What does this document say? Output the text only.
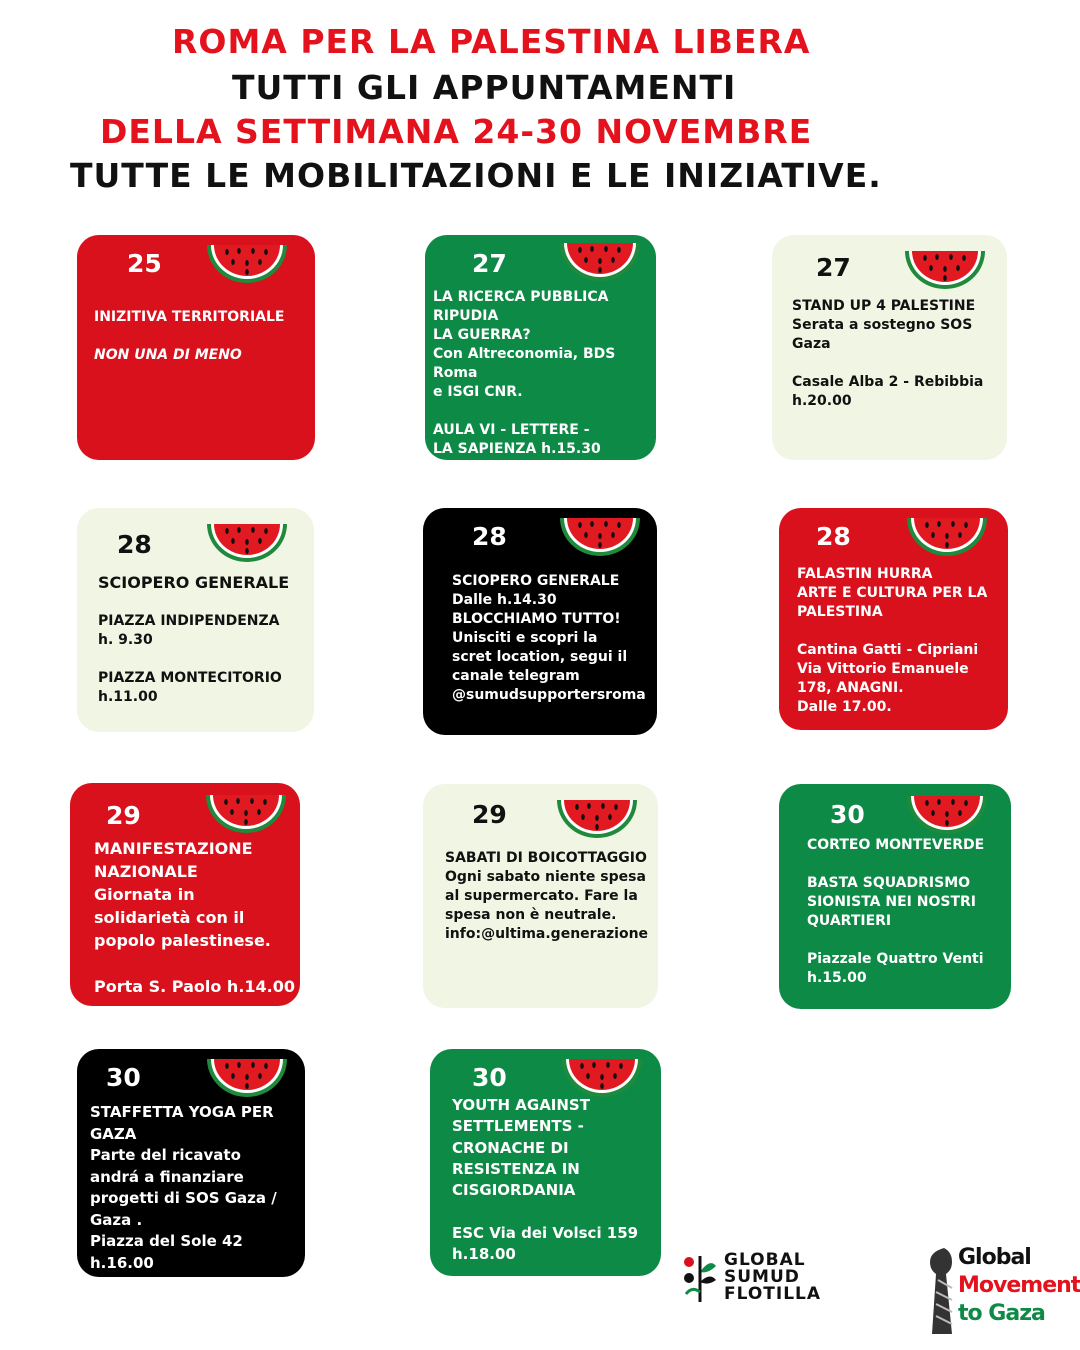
ROMA PER LA PALESTINA LIBERA
TUTTI GLI APPUNTAMENTI
DELLA SETTIMANA 24-30 NOVEMBRE
TUTTE LE MOBILITAZIONI E LE INIZIATIVE.
25
INIZITIVA TERRITORIALE
NON UNA DI MENO
27
LA RICERCA PUBBLICA RIPUDIA
LA GUERRA?
Con Altreconomia, BDS Roma
e ISGI CNR.

AULA VI - LETTERE -
LA SAPIENZA h.15.30
27
STAND UP 4 PALESTINE
Serata a sostegno SOS
Gaza

Casale Alba 2 - Rebibbia
h.20.00
28
SCIOPERO GENERALE
PIAZZA INDIPENDENZA
h. 9.30

PIAZZA MONTECITORIO
h.11.00
28
SCIOPERO GENERALE
Dalle h.14.30
BLOCCHIAMO TUTTO!
Unisciti e scopri la
scret location, segui il
canale telegram
@sumudsupportersroma
28
FALASTIN HURRA
ARTE E CULTURA PER LA
PALESTINA

Cantina Gatti - Cipriani
Via Vittorio Emanuele
178, ANAGNI.
Dalle 17.00.
29
MANIFESTAZIONE
NAZIONALE
Giornata in
solidarietà con il
popolo palestinese.

Porta S. Paolo h.14.00
29
SABATI DI BOICOTTAGGIO
Ogni sabato niente spesa
al supermercato. Fare la
spesa non è neutrale.
info:@ultima.generazione
30
CORTEO MONTEVERDE

BASTA SQUADRISMO
SIONISTA NEI NOSTRI
QUARTIERI

Piazzale Quattro Venti
h.15.00
30
STAFFETTA YOGA PER
GAZA
Parte del ricavato
andrá a finanziare
progetti di SOS Gaza /
Gaza .
Piazza del Sole 42
h.16.00
30
YOUTH AGAINST
SETTLEMENTS -
CRONACHE DI
RESISTENZA IN
CISGIORDANIA

ESC Via dei Volsci 159
h.18.00	GLOBAL
SUMUD
FLOTILLA
Global
Movement
to Gaza
